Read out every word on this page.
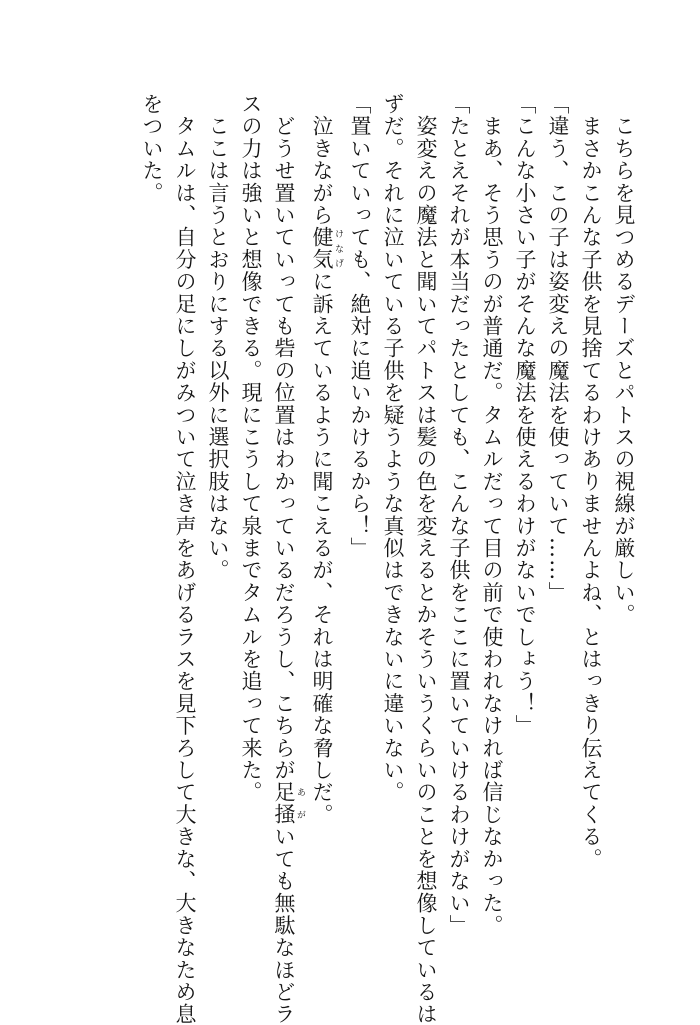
　こちらを見つめるデーズとパトスの視線が厳しい。
　まさかこんな子供を見捨てるわけありませんよね、とはっきり伝えてくる。
「違う、この子は姿変えの魔法を使っていて……」
「こんな小さい子がそんな魔法を使えるわけがないでしょう！」
　まあ、そう思うのが普通だ。タムルだって目の前で使われなければ信じなかった。
「たとえそれが本当だったとしても、こんな子供をここに置いていけるわけがない」
　姿変えの魔法と聞いてパトスは髪の色を変えるとかそういうくらいのことを想像しているは
ずだ。それに泣いている子供を疑うような真似はできないに違いない。
「置いていっても、絶対に追いかけるから！」
　泣きながら健気 けなげに訴えているように聞こえるが、それは明確な脅しだ。
　どうせ置いていっても砦の位置はわかっているだろうし、こちらが足掻 あがいても無駄なほどラ
スの力は強いと想像できる。現にこうして泉までタムルを追って来た。
　ここは言うとおりにする以外に選択肢はない。
　タムルは、自分の足にしがみついて泣き声をあげるラスを見下ろして大きな、大きなため息
をついた。
